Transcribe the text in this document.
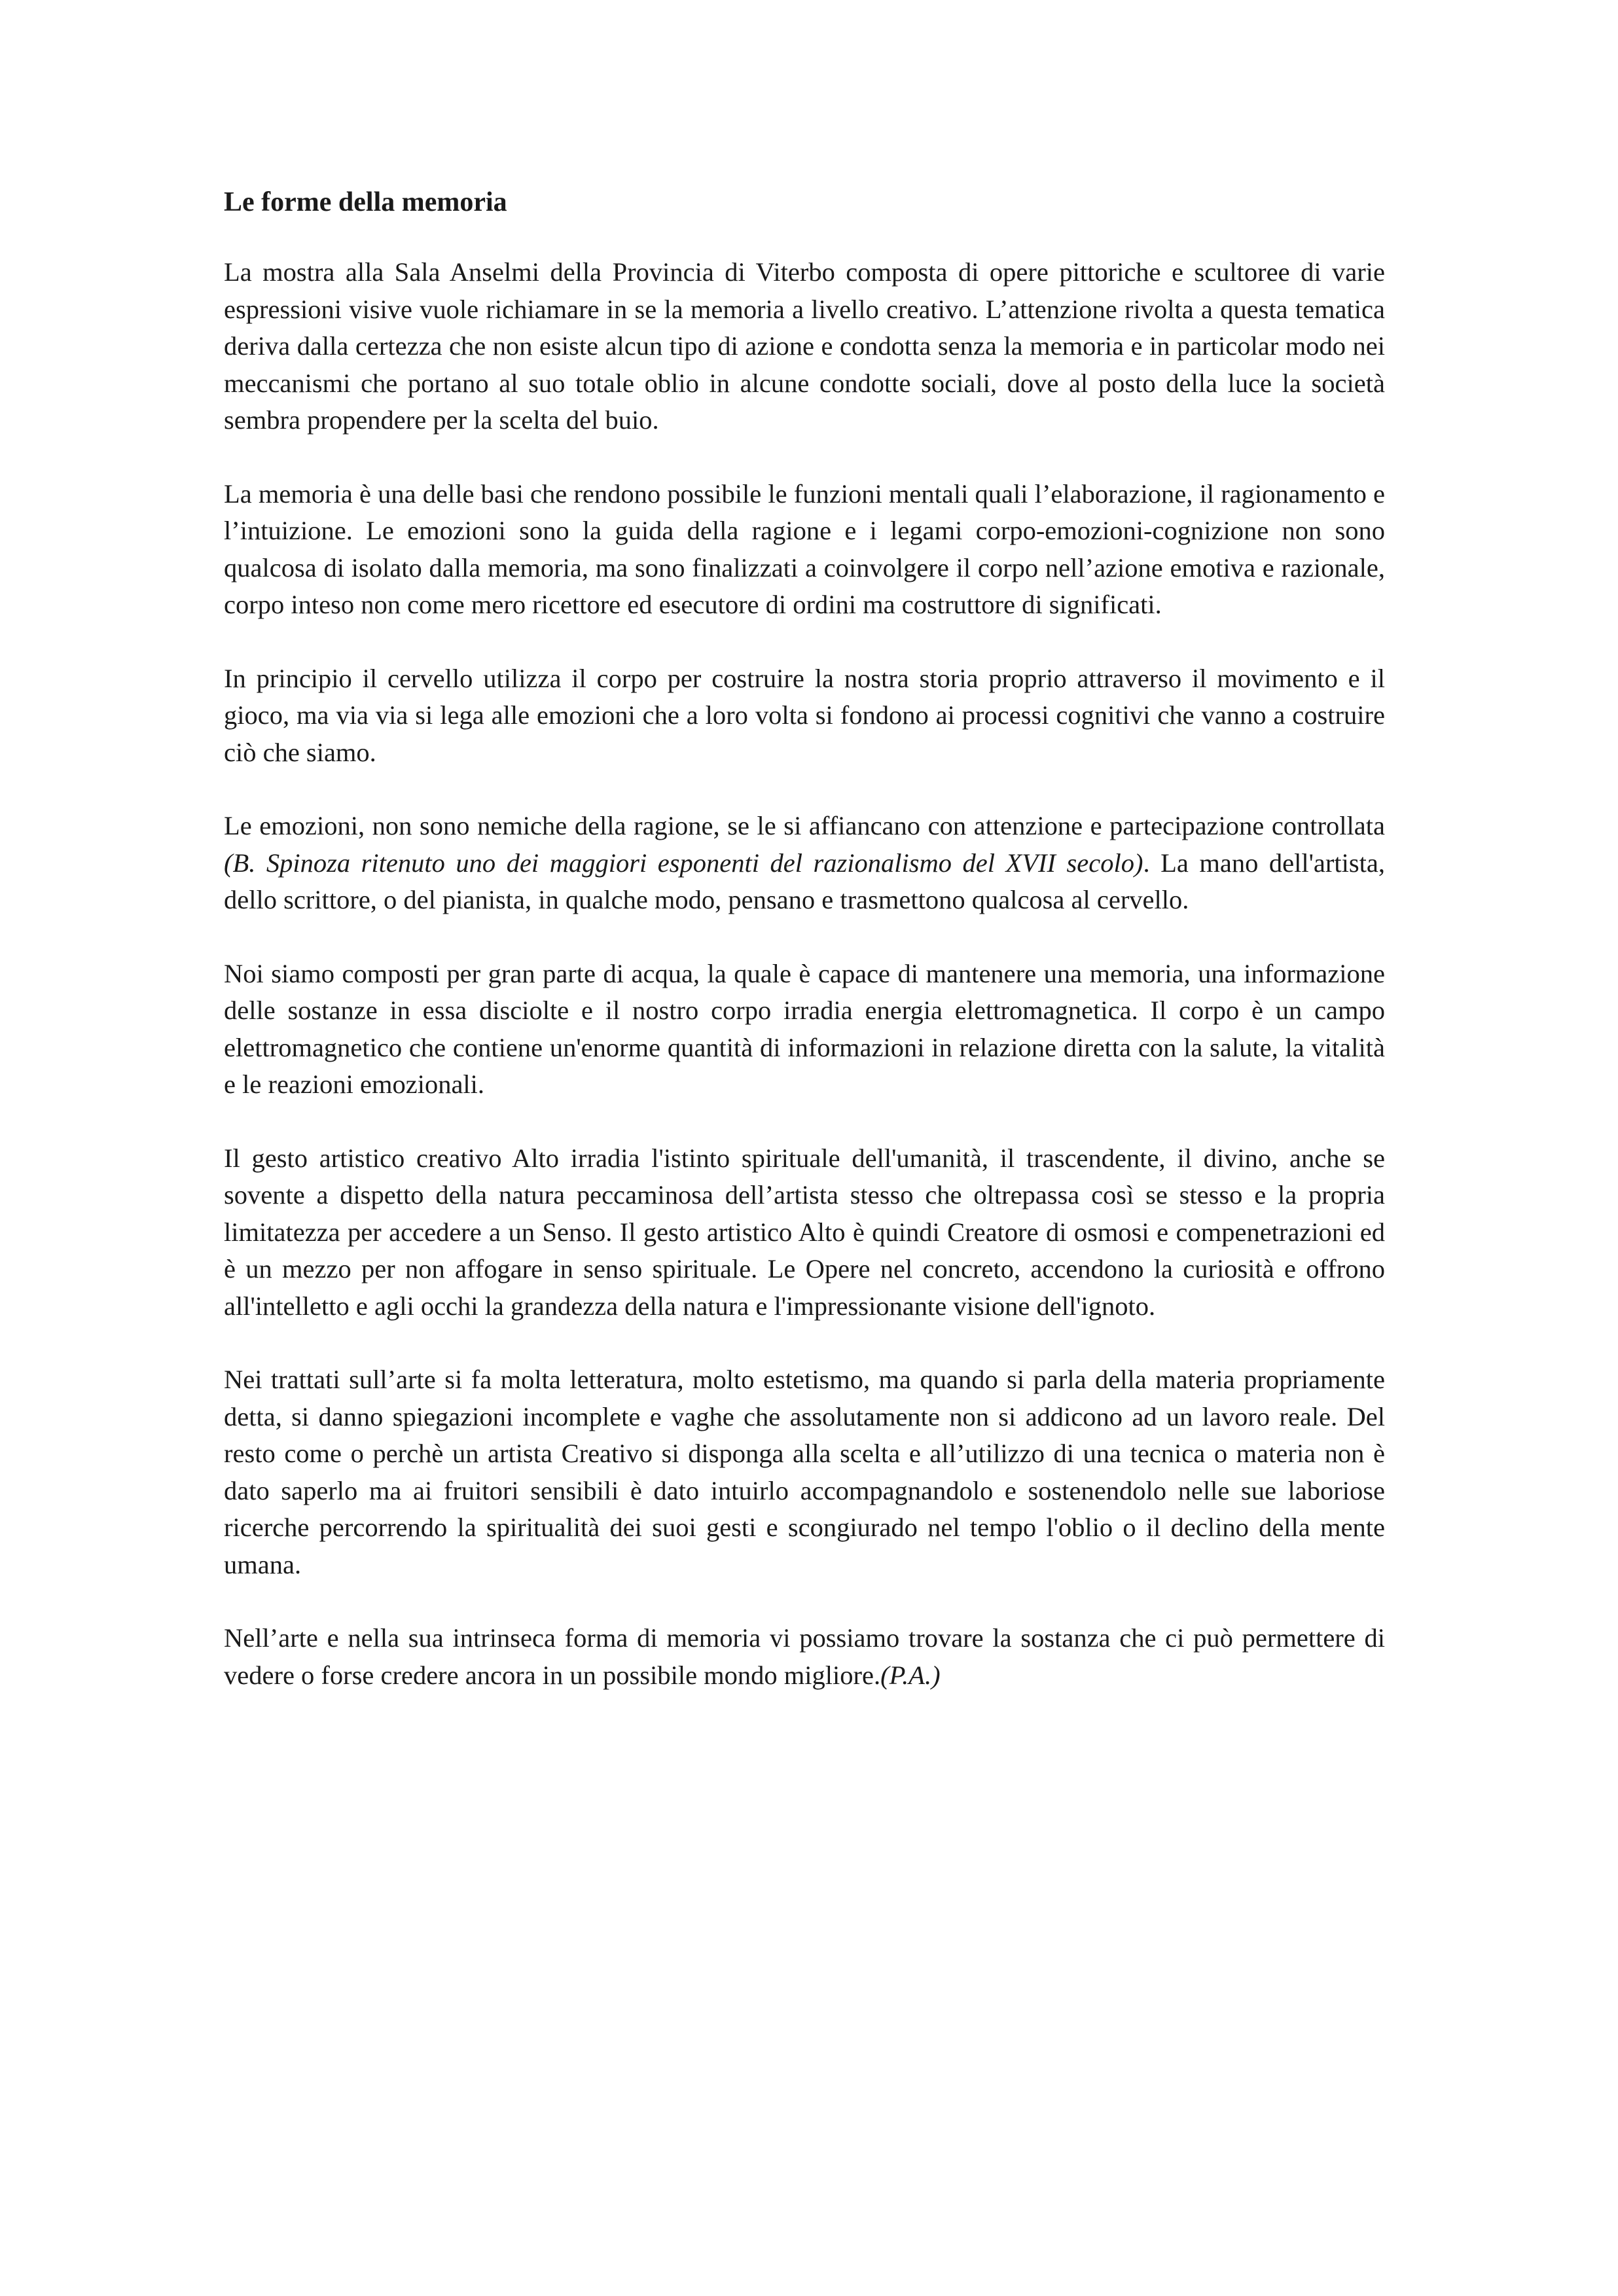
Le forme della memoria

La mostra alla Sala Anselmi della Provincia di Viterbo composta di opere pittoriche e scultoree di varie espressioni visive vuole richiamare in se la memoria a livello creativo. L’attenzione rivolta a questa tematica deriva dalla certezza che non esiste alcun tipo di azione e condotta senza la memoria e in particolar modo nei meccanismi che portano al suo totale oblio in alcune condotte sociali, dove al posto della luce la società sembra propendere per la scelta del buio.

La memoria è una delle basi che rendono possibile le funzioni mentali quali l’elaborazione, il ragionamento e l’intuizione. Le emozioni sono la guida della ragione e i legami corpo-emozioni-cognizione non sono qualcosa di isolato dalla memoria, ma sono finalizzati a coinvolgere il corpo nell’azione emotiva e razionale, corpo inteso non come mero ricettore ed esecutore di ordini ma costruttore di significati.

In principio il cervello utilizza il corpo per costruire la nostra storia proprio attraverso il movimento e il gioco, ma via via si lega alle emozioni che a loro volta si fondono ai processi cognitivi che vanno a costruire ciò che siamo.

Le emozioni, non sono nemiche della ragione, se le si affiancano con attenzione e partecipazione controllata (B. Spinoza ritenuto uno dei maggiori esponenti del razionalismo del XVII secolo). La mano dell'artista, dello scrittore, o del pianista, in qualche modo, pensano e trasmettono qualcosa al cervello.

Noi siamo composti per gran parte di acqua, la quale è capace di mantenere una memoria, una informazione delle sostanze in essa disciolte e il nostro corpo irradia energia elettromagnetica. Il corpo è un campo elettromagnetico che contiene un'enorme quantità di informazioni in relazione diretta con la salute, la vitalità e le reazioni emozionali.

Il gesto artistico creativo Alto irradia l'istinto spirituale dell'umanità, il trascendente, il divino, anche se sovente a dispetto della natura peccaminosa dell’artista stesso che oltrepassa così se stesso e la propria limitatezza per accedere a un Senso. Il gesto artistico Alto è quindi Creatore di osmosi e compenetrazioni ed è un mezzo per non affogare in senso spirituale. Le Opere nel concreto, accendono la curiosità e offrono all'intelletto e agli occhi la grandezza della natura e l'impressionante visione dell'ignoto.

Nei trattati sull’arte si fa molta letteratura, molto estetismo, ma quando si parla della materia propriamente detta, si danno spiegazioni incomplete e vaghe che assolutamente non si addicono ad un lavoro reale. Del resto come o perchè un artista Creativo si disponga alla scelta e all’utilizzo di una tecnica o materia non è dato saperlo ma ai fruitori sensibili è dato intuirlo accompagnandolo e sostenendolo nelle sue laboriose ricerche percorrendo la spiritualità dei suoi gesti e scongiurado nel tempo l'oblio o il declino della mente umana.

Nell’arte e nella sua intrinseca forma di memoria vi possiamo trovare la sostanza che ci può permettere di vedere o forse credere ancora in un possibile mondo migliore.(P.A.)
